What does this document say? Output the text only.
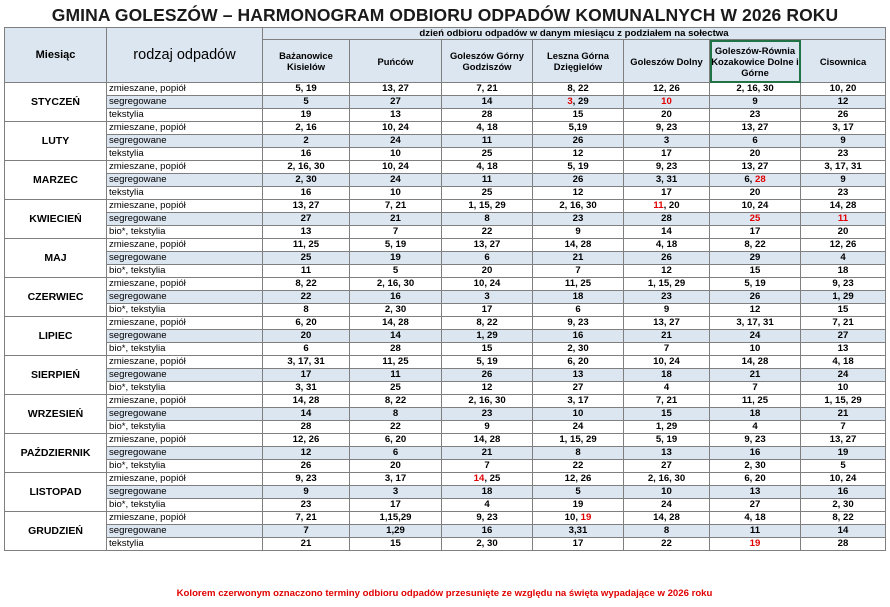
GMINA GOLESZÓW – HARMONOGRAM ODBIORU ODPADÓW KOMUNALNYCH W 2026 ROKU
Miesiąc	rodzaj odpadów	dzień odbioru odpadów w danym miesiącu z podziałem na sołectwa						
		Bażanowice Kisielów	Puńców	Goleszów Górny Godziszów	Leszna Górna Dzięgielów	Goleszów Dolny	Goleszów-Równia Kozakowice Dolne i Górne	Cisownica
STYCZEŃ	zmieszane, popiół	5, 19	13, 27	7, 21	8, 22	12, 26	2, 16, 30	10, 20
	segregowane	5	27	14	3, 29	10	9	12
	tekstylia	19	13	28	15	20	23	26
LUTY	zmieszane, popiół	2, 16	10, 24	4, 18	5,19	9, 23	13, 27	3, 17
	segregowane	2	24	11	26	3	6	9
	tekstylia	16	10	25	12	17	20	23
MARZEC	zmieszane, popiół	2, 16, 30	10, 24	4, 18	5, 19	9, 23	13, 27	3, 17, 31
	segregowane	2, 30	24	11	26	3, 31	6, 28	9
	tekstylia	16	10	25	12	17	20	23
KWIECIEŃ	zmieszane, popiół	13, 27	7, 21	1, 15, 29	2, 16, 30	11, 20	10, 24	14, 28
	segregowane	27	21	8	23	28	25	11
	bio*, tekstylia	13	7	22	9	14	17	20
MAJ	zmieszane, popiół	11, 25	5, 19	13, 27	14, 28	4, 18	8, 22	12, 26
	segregowane	25	19	6	21	26	29	4
	bio*, tekstylia	11	5	20	7	12	15	18
CZERWIEC	zmieszane, popiół	8, 22	2, 16, 30	10, 24	11, 25	1, 15, 29	5, 19	9, 23
	segregowane	22	16	3	18	23	26	1, 29
	bio*, tekstylia	8	2, 30	17	6	9	12	15
LIPIEC	zmieszane, popiół	6, 20	14, 28	8, 22	9, 23	13, 27	3, 17, 31	7, 21
	segregowane	20	14	1, 29	16	21	24	27
	bio*, tekstylia	6	28	15	2, 30	7	10	13
SIERPIEŃ	zmieszane, popiół	3, 17, 31	11, 25	5, 19	6, 20	10, 24	14, 28	4, 18
	segregowane	17	11	26	13	18	21	24
	bio*, tekstylia	3, 31	25	12	27	4	7	10
WRZESIEŃ	zmieszane, popiół	14, 28	8, 22	2, 16, 30	3, 17	7, 21	11, 25	1, 15, 29
	segregowane	14	8	23	10	15	18	21
	bio*, tekstylia	28	22	9	24	1, 29	4	7
PAŹDZIERNIK	zmieszane, popiół	12, 26	6, 20	14, 28	1, 15, 29	5, 19	9, 23	13, 27
	segregowane	12	6	21	8	13	16	19
	bio*, tekstylia	26	20	7	22	27	2, 30	5
LISTOPAD	zmieszane, popiół	9, 23	3, 17	14, 25	12, 26	2, 16, 30	6, 20	10, 24
	segregowane	9	3	18	5	10	13	16
	bio*, tekstylia	23	17	4	19	24	27	2, 30
GRUDZIEŃ	zmieszane, popiół	7, 21	1,15,29	9, 23	10, 19	14, 28	4, 18	8, 22
	segregowane	7	1,29	16	3,31	8	11	14
	tekstylia	21	15	2, 30	17	22	19	28
Kolorem czerwonym oznaczono terminy odbioru odpadów przesunięte ze względu na święta wypadające w 2026 roku
